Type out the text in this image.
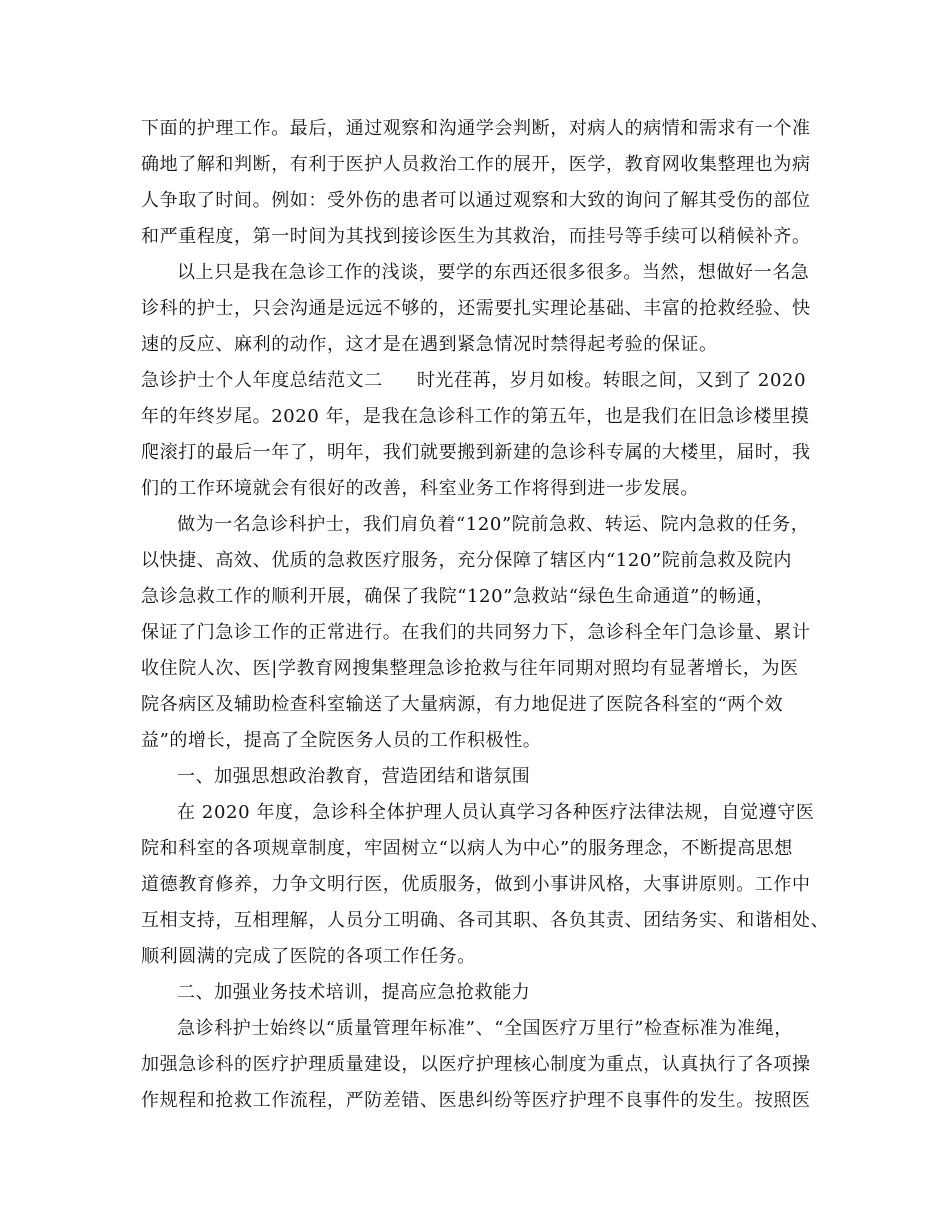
下面的护理工作。最后，通过观察和沟通学会判断，对病人的病情和需求有一个准
确地了解和判断，有利于医护人员救治工作的展开，医学，教育网收集整理也为病
人争取了时间。例如：受外伤的患者可以通过观察和大致的询问了解其受伤的部位
和严重程度，第一时间为其找到接诊医生为其救治，而挂号等手续可以稍候补齐。
以上只是我在急诊工作的浅谈，要学的东西还很多很多。当然，想做好一名急
诊科的护士，只会沟通是远远不够的，还需要扎实理论基础、丰富的抢救经验、快
速的反应、麻利的动作，这才是在遇到紧急情况时禁得起考验的保证。
急诊护士个人年度总结范文二 时光荏苒，岁月如梭。转眼之间，又到了 2020
年的年终岁尾。2020 年，是我在急诊科工作的第五年，也是我们在旧急诊楼里摸
爬滚打的最后一年了，明年，我们就要搬到新建的急诊科专属的大楼里，届时，我
们的工作环境就会有很好的改善，科室业务工作将得到进一步发展。
做为一名急诊科护士，我们肩负着“120”院前急救、转运、院内急救的任务，
以快捷、高效、优质的急救医疗服务，充分保障了辖区内“120”院前急救及院内
急诊急救工作的顺利开展，确保了我院“120”急救站“绿色生命通道”的畅通，
保证了门急诊工作的正常进行。在我们的共同努力下，急诊科全年门急诊量、累计
收住院人次、医|学教育网搜集整理急诊抢救与往年同期对照均有显著增长，为医
院各病区及辅助检查科室输送了大量病源，有力地促进了医院各科室的“两个效
益”的增长，提高了全院医务人员的工作积极性。
一、加强思想政治教育，营造团结和谐氛围
在 2020 年度，急诊科全体护理人员认真学习各种医疗法律法规，自觉遵守医
院和科室的各项规章制度，牢固树立“以病人为中心”的服务理念，不断提高思想
道德教育修养，力争文明行医，优质服务，做到小事讲风格，大事讲原则。工作中
互相支持，互相理解，人员分工明确、各司其职、各负其责、团结务实、和谐相处、
顺利圆满的完成了医院的各项工作任务。
二、加强业务技术培训，提高应急抢救能力
急诊科护士始终以“质量管理年标准”、“全国医疗万里行”检查标准为准绳，
加强急诊科的医疗护理质量建设，以医疗护理核心制度为重点，认真执行了各项操
作规程和抢救工作流程，严防差错、医患纠纷等医疗护理不良事件的发生。按照医
